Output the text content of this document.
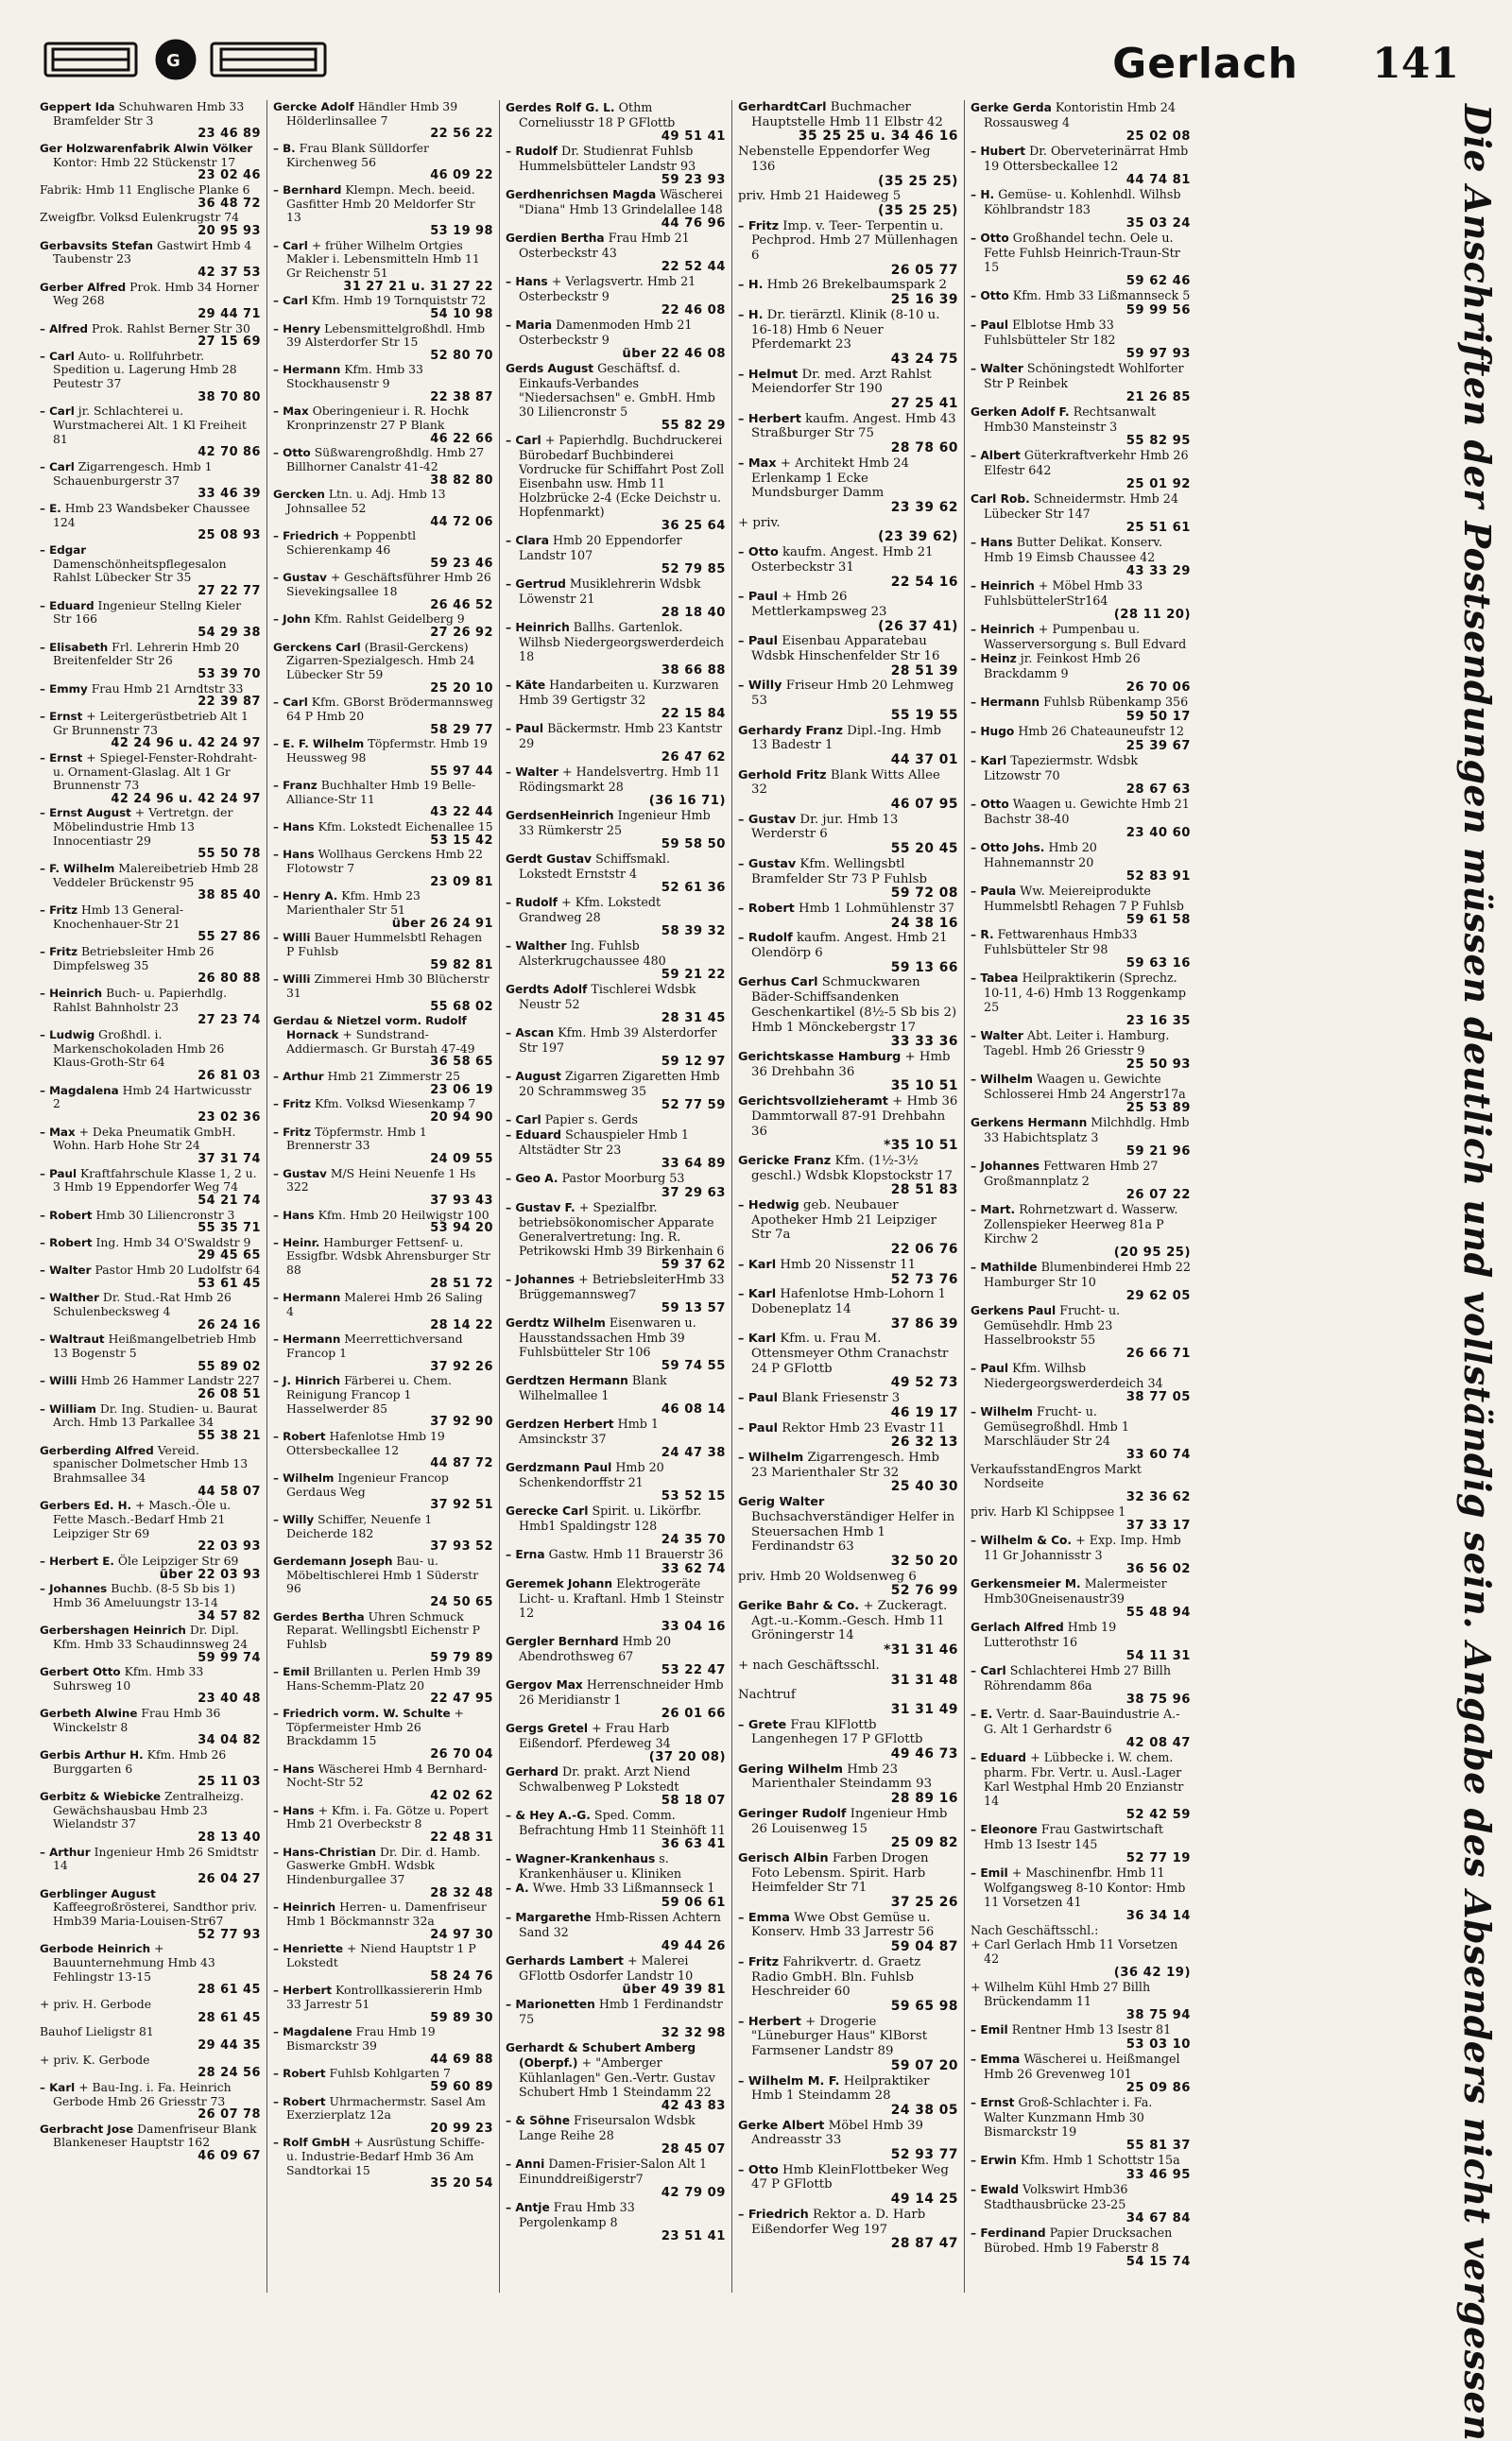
G	Gerlach 141
Geppert Ida Schuhwaren Hmb 33 Bramfelder Str 3
23 46 89
Ger Holzwarenfabrik Alwin Völker Kontor: Hmb 22 Stückenstr 17
23 02 46
Fabrik: Hmb 11 Englische Planke 6
36 48 72
Zweigfbr. Volksd Eulenkrugstr 74
20 95 93
Gerbavsits Stefan Gastwirt Hmb 4 Taubenstr 23
42 37 53
Gerber Alfred Prok. Hmb 34 Horner Weg 268
29 44 71
– Alfred Prok. Rahlst Berner Str 30
27 15 69
– Carl Auto- u. Rollfuhrbetr. Spedition u. Lagerung Hmb 28 Peutestr 37
38 70 80
– Carl jr. Schlachterei u. Wurstmacherei Alt. 1 Kl Freiheit 81
42 70 86
– Carl Zigarrengesch. Hmb 1 Schauenburgerstr 37
33 46 39
– E. Hmb 23 Wandsbeker Chaussee 124
25 08 93
– Edgar Damenschönheitspflegesalon Rahlst Lübecker Str 35
27 22 77
– Eduard Ingenieur Stellng Kieler Str 166
54 29 38
– Elisabeth Frl. Lehrerin Hmb 20 Breitenfelder Str 26
53 39 70
– Emmy Frau Hmb 21 Arndtstr 33
22 39 87
– Ernst + Leitergerüstbetrieb Alt 1 Gr Brunnenstr 73
42 24 96 u. 42 24 97
– Ernst + Spiegel-Fenster-Rohdraht- u. Ornament-Glaslag. Alt 1 Gr Brunnenstr 73
42 24 96 u. 42 24 97
– Ernst August + Vertretgn. der Möbelindustrie Hmb 13 Innocentiastr 29
55 50 78
– F. Wilhelm Malereibetrieb Hmb 28 Veddeler Brückenstr 95
38 85 40
– Fritz Hmb 13 General-Knochenhauer-Str 21
55 27 86
– Fritz Betriebsleiter Hmb 26 Dimpfelsweg 35
26 80 88
– Heinrich Buch- u. Papierhdlg. Rahlst Bahnholstr 23
27 23 74
– Ludwig Großhdl. i. Markenschokoladen Hmb 26 Klaus-Groth-Str 64
26 81 03
– Magdalena Hmb 24 Hartwicusstr 2
23 02 36
– Max + Deka Pneumatik GmbH. Wohn. Harb Hohe Str 24
37 31 74
– Paul Kraftfahrschule Klasse 1, 2 u. 3 Hmb 19 Eppendorfer Weg 74
54 21 74
– Robert Hmb 30 Liliencronstr 3
55 35 71
– Robert Ing. Hmb 34 O'Swaldstr 9
29 45 65
– Walter Pastor Hmb 20 Ludolfstr 64
53 61 45
– Walther Dr. Stud.-Rat Hmb 26 Schulenbecksweg 4
26 24 16
– Waltraut Heißmangelbetrieb Hmb 13 Bogenstr 5
55 89 02
– Willi Hmb 26 Hammer Landstr 227
26 08 51
– William Dr. Ing. Studien- u. Baurat Arch. Hmb 13 Parkallee 34
55 38 21
Gerberding Alfred Vereid. spanischer Dolmetscher Hmb 13 Brahmsallee 34
44 58 07
Gerbers Ed. H. + Masch.-Öle u. Fette Masch.-Bedarf Hmb 21 Leipziger Str 69
22 03 93
– Herbert E. Öle Leipziger Str 69
über 22 03 93
– Johannes Buchb. (8-5 Sb bis 1) Hmb 36 Ameluungstr 13-14
34 57 82
Gerbershagen Heinrich Dr. Dipl. Kfm. Hmb 33 Schaudinnsweg 24
59 99 74
Gerbert Otto Kfm. Hmb 33 Suhrsweg 10
23 40 48
Gerbeth Alwine Frau Hmb 36 Winckelstr 8
34 04 82
Gerbis Arthur H. Kfm. Hmb 26 Burggarten 6
25 11 03
Gerbitz & Wiebicke Zentralheizg. Gewächshausbau Hmb 23 Wielandstr 37
28 13 40
– Arthur Ingenieur Hmb 26 Smidtstr 14
26 04 27
Gerblinger August Kaffeegroßrösterei, Sandthor priv. Hmb39 Maria-Louisen-Str67
52 77 93
Gerbode Heinrich + Bauunternehmung Hmb 43 Fehlingstr 13-15
28 61 45
+ priv. H. Gerbode
28 61 45
Bauhof Lieligstr 81
29 44 35
+ priv. K. Gerbode
28 24 56
– Karl + Bau-Ing. i. Fa. Heinrich Gerbode Hmb 26 Griesstr 73
26 07 78
Gerbracht Jose Damenfriseur Blank Blankeneser Hauptstr 162
46 09 67
Gercke Adolf Händler Hmb 39 Hölderlinsallee 7
22 56 22
– B. Frau Blank Sülldorfer Kirchenweg 56
46 09 22
– Bernhard Klempn. Mech. beeid. Gasfitter Hmb 20 Meldorfer Str 13
53 19 98
– Carl + früher Wilhelm Ortgies Makler i. Lebensmitteln Hmb 11 Gr Reichenstr 51
31 27 21 u. 31 27 22
– Carl Kfm. Hmb 19 Tornquiststr 72
54 10 98
– Henry Lebensmittelgroßhdl. Hmb 39 Alsterdorfer Str 15
52 80 70
– Hermann Kfm. Hmb 33 Stockhausenstr 9
22 38 87
– Max Oberingenieur i. R. Hochk Kronprinzenstr 27 P Blank
46 22 66
– Otto Süßwarengroßhdlg. Hmb 27 Billhorner Canalstr 41-42
38 82 80
Gercken Ltn. u. Adj. Hmb 13 Johnsallee 52
44 72 06
– Friedrich + Poppenbtl Schierenkamp 46
59 23 46
– Gustav + Geschäftsführer Hmb 26 Sievekingsallee 18
26 46 52
– John Kfm. Rahlst Geidelberg 9
27 26 92
Gerckens Carl (Brasil-Gerckens) Zigarren-Spezialgesch. Hmb 24 Lübecker Str 59
25 20 10
– Carl Kfm. GBorst Brödermannsweg 64 P Hmb 20
58 29 77
– E. F. Wilhelm Töpfermstr. Hmb 19 Heussweg 98
55 97 44
– Franz Buchhalter Hmb 19 Belle-Alliance-Str 11
43 22 44
– Hans Kfm. Lokstedt Eichenallee 15
53 15 42
– Hans Wollhaus Gerckens Hmb 22 Flotowstr 7
23 09 81
– Henry A. Kfm. Hmb 23 Marienthaler Str 51
über 26 24 91
– Willi Bauer Hummelsbtl Rehagen P Fuhlsb
59 82 81
– Willi Zimmerei Hmb 30 Blücherstr 31
55 68 02
Gerdau & Nietzel vorm. Rudolf Hornack + Sundstrand-Addiermasch. Gr Burstah 47-49
36 58 65
– Arthur Hmb 21 Zimmerstr 25
23 06 19
– Fritz Kfm. Volksd Wiesenkamp 7
20 94 90
– Fritz Töpfermstr. Hmb 1 Brennerstr 33
24 09 55
– Gustav M/S Heini Neuenfe 1 Hs 322
37 93 43
– Hans Kfm. Hmb 20 Heilwigstr 100
53 94 20
– Heinr. Hamburger Fettsenf- u. Essigfbr. Wdsbk Ahrensburger Str 88
28 51 72
– Hermann Malerei Hmb 26 Saling 4
28 14 22
– Hermann Meerrettichversand Francop 1
37 92 26
– J. Hinrich Färberei u. Chem. Reinigung Francop 1 Hasselwerder 85
37 92 90
– Robert Hafenlotse Hmb 19 Ottersbeckallee 12
44 87 72
– Wilhelm Ingenieur Francop Gerdaus Weg
37 92 51
– Willy Schiffer, Neuenfe 1 Deicherde 182
37 93 52
Gerdemann Joseph Bau- u. Möbeltischlerei Hmb 1 Süderstr 96
24 50 65
Gerdes Bertha Uhren Schmuck Reparat. Wellingsbtl Eichenstr P Fuhlsb
59 79 89
– Emil Brillanten u. Perlen Hmb 39 Hans-Schemm-Platz 20
22 47 95
– Friedrich vorm. W. Schulte + Töpfermeister Hmb 26 Brackdamm 15
26 70 04
– Hans Wäscherei Hmb 4 Bernhard-Nocht-Str 52
42 02 62
– Hans + Kfm. i. Fa. Götze u. Popert Hmb 21 Overbeckstr 8
22 48 31
– Hans-Christian Dr. Dir. d. Hamb. Gaswerke GmbH. Wdsbk Hindenburgallee 37
28 32 48
– Heinrich Herren- u. Damenfriseur Hmb 1 Böckmannstr 32a
24 97 30
– Henriette + Niend Hauptstr 1 P Lokstedt
58 24 76
– Herbert Kontrollkassiererin Hmb 33 Jarrestr 51
59 89 30
– Magdalene Frau Hmb 19 Bismarckstr 39
44 69 88
– Robert Fuhlsb Kohlgarten 7
59 60 89
– Robert Uhrmachermstr. Sasel Am Exerzierplatz 12a
20 99 23
– Rolf GmbH + Ausrüstung Schiffe- u. Industrie-Bedarf Hmb 36 Am Sandtorkai 15
35 20 54
Gerdes Rolf G. L. Othm Corneliusstr 18 P GFlottb
49 51 41
– Rudolf Dr. Studienrat Fuhlsb Hummelsbütteler Landstr 93
59 23 93
Gerdhenrichsen Magda Wäscherei "Diana" Hmb 13 Grindelallee 148
44 76 96
Gerdien Bertha Frau Hmb 21 Osterbeckstr 43
22 52 44
– Hans + Verlagsvertr. Hmb 21 Osterbeckstr 9
22 46 08
– Maria Damenmoden Hmb 21 Osterbeckstr 9
über 22 46 08
Gerds August Geschäftsf. d. Einkaufs-Verbandes "Niedersachsen" e. GmbH. Hmb 30 Liliencronstr 5
55 82 29
– Carl + Papierhdlg. Buchdruckerei Bürobedarf Buchbinderei Vordrucke für Schiffahrt Post Zoll Eisenbahn usw. Hmb 11 Holzbrücke 2-4 (Ecke Deichstr u. Hopfenmarkt)
36 25 64
– Clara Hmb 20 Eppendorfer Landstr 107
52 79 85
– Gertrud Musiklehrerin Wdsbk Löwenstr 21
28 18 40
– Heinrich Ballhs. Gartenlok. Wilhsb Niedergeorgswerderdeich 18
38 66 88
– Käte Handarbeiten u. Kurzwaren Hmb 39 Gertigstr 32
22 15 84
– Paul Bäckermstr. Hmb 23 Kantstr 29
26 47 62
– Walter + Handelsvertrg. Hmb 11 Rödingsmarkt 28
(36 16 71)
GerdsenHeinrich Ingenieur Hmb 33 Rümkerstr 25
59 58 50
Gerdt Gustav Schiffsmakl. Lokstedt Ernststr 4
52 61 36
– Rudolf + Kfm. Lokstedt Grandweg 28
58 39 32
– Walther Ing. Fuhlsb Alsterkrugchaussee 480
59 21 22
Gerdts Adolf Tischlerei Wdsbk Neustr 52
28 31 45
– Ascan Kfm. Hmb 39 Alsterdorfer Str 197
59 12 97
– August Zigarren Zigaretten Hmb 20 Schrammsweg 35
52 77 59
– Carl Papier s. Gerds
– Eduard Schauspieler Hmb 1 Altstädter Str 23
33 64 89
– Geo A. Pastor Moorburg 53
37 29 63
– Gustav F. + Spezialfbr. betriebsökonomischer Apparate Generalvertretung: Ing. R. Petrikowski Hmb 39 Birkenhain 6
59 37 62
– Johannes + BetriebsleiterHmb 33 Brüggemannsweg7
59 13 57
Gerdtz Wilhelm Eisenwaren u. Hausstandssachen Hmb 39 Fuhlsbütteler Str 106
59 74 55
Gerdtzen Hermann Blank Wilhelmallee 1
46 08 14
Gerdzen Herbert Hmb 1 Amsinckstr 37
24 47 38
Gerdzmann Paul Hmb 20 Schenkendorffstr 21
53 52 15
Gerecke Carl Spirit. u. Likörfbr. Hmb1 Spaldingstr 128
24 35 70
– Erna Gastw. Hmb 11 Brauerstr 36
33 62 74
Geremek Johann Elektrogeräte Licht- u. Kraftanl. Hmb 1 Steinstr 12
33 04 16
Gergler Bernhard Hmb 20 Abendrothsweg 67
53 22 47
Gergov Max Herrenschneider Hmb 26 Meridianstr 1
26 01 66
Gergs Gretel + Frau Harb Eißendorf. Pferdeweg 34
(37 20 08)
Gerhard Dr. prakt. Arzt Niend Schwalbenweg P Lokstedt
58 18 07
– & Hey A.-G. Sped. Comm. Befrachtung Hmb 11 Steinhöft 11
36 63 41
– Wagner-Krankenhaus s. Krankenhäuser u. Kliniken
– A. Wwe. Hmb 33 Lißmannseck 1
59 06 61
– Margarethe Hmb-Rissen Achtern Sand 32
49 44 26
Gerhards Lambert + Malerei GFlottb Osdorfer Landstr 10
über 49 39 81
– Marionetten Hmb 1 Ferdinandstr 75
32 32 98
Gerhardt & Schubert Amberg (Oberpf.) + "Amberger Kühlanlagen" Gen.-Vertr. Gustav Schubert Hmb 1 Steindamm 22
42 43 83
– & Söhne Friseursalon Wdsbk Lange Reihe 28
28 45 07
– Anni Damen-Frisier-Salon Alt 1 Einunddreißigerstr7
42 79 09
– Antje Frau Hmb 33 Pergolenkamp 8
23 51 41
GerhardtCarl Buchmacher Hauptstelle Hmb 11 Elbstr 42
35 25 25 u. 34 46 16
Nebenstelle Eppendorfer Weg 136
(35 25 25)
priv. Hmb 21 Haideweg 5
(35 25 25)
– Fritz Imp. v. Teer- Terpentin u. Pechprod. Hmb 27 Müllenhagen 6
26 05 77
– H. Hmb 26 Brekelbaumspark 2
25 16 39
– H. Dr. tierärztl. Klinik (8-10 u. 16-18) Hmb 6 Neuer Pferdemarkt 23
43 24 75
– Helmut Dr. med. Arzt Rahlst Meiendorfer Str 190
27 25 41
– Herbert kaufm. Angest. Hmb 43 Straßburger Str 75
28 78 60
– Max + Architekt Hmb 24 Erlenkamp 1 Ecke Mundsburger Damm
23 39 62
+ priv.
(23 39 62)
– Otto kaufm. Angest. Hmb 21 Osterbeckstr 31
22 54 16
– Paul + Hmb 26 Mettlerkampsweg 23
(26 37 41)
– Paul Eisenbau Apparatebau Wdsbk Hinschenfelder Str 16
28 51 39
– Willy Friseur Hmb 20 Lehmweg 53
55 19 55
Gerhardy Franz Dipl.-Ing. Hmb 13 Badestr 1
44 37 01
Gerhold Fritz Blank Witts Allee 32
46 07 95
– Gustav Dr. jur. Hmb 13 Werderstr 6
55 20 45
– Gustav Kfm. Wellingsbtl Bramfelder Str 73 P Fuhlsb
59 72 08
– Robert Hmb 1 Lohmühlenstr 37
24 38 16
– Rudolf kaufm. Angest. Hmb 21 Olendörp 6
59 13 66
Gerhus Carl Schmuckwaren Bäder-Schiffsandenken Geschenkartikel (8½-5 Sb bis 2) Hmb 1 Mönckebergstr 17
33 33 36
Gerichtskasse Hamburg + Hmb 36 Drehbahn 36
35 10 51
Gerichtsvollzieheramt + Hmb 36 Dammtorwall 87-91 Drehbahn 36
*35 10 51
Gericke Franz Kfm. (1½-3½ geschl.) Wdsbk Klopstockstr 17
28 51 83
– Hedwig geb. Neubauer Apotheker Hmb 21 Leipziger Str 7a
22 06 76
– Karl Hmb 20 Nissenstr 11
52 73 76
– Karl Hafenlotse Hmb-Lohorn 1 Dobeneplatz 14
37 86 39
– Karl Kfm. u. Frau M. Ottensmeyer Othm Cranachstr 24 P GFlottb
49 52 73
– Paul Blank Friesenstr 3
46 19 17
– Paul Rektor Hmb 23 Evastr 11
26 32 13
– Wilhelm Zigarrengesch. Hmb 23 Marienthaler Str 32
25 40 30
Gerig Walter Buchsachverständiger Helfer in Steuersachen Hmb 1 Ferdinandstr 63
32 50 20
priv. Hmb 20 Woldsenweg 6
52 76 99
Gerike Bahr & Co. + Zuckeragt. Agt.-u.-Komm.-Gesch. Hmb 11 Gröningerstr 14
*31 31 46
+ nach Geschäftsschl.
31 31 48
Nachtruf
31 31 49
– Grete Frau KlFlottb Langenhegen 17 P GFlottb
49 46 73
Gering Wilhelm Hmb 23 Marienthaler Steindamm 93
28 89 16
Geringer Rudolf Ingenieur Hmb 26 Louisenweg 15
25 09 82
Gerisch Albin Farben Drogen Foto Lebensm. Spirit. Harb Heimfelder Str 71
37 25 26
– Emma Wwe Obst Gemüse u. Konserv. Hmb 33 Jarrestr 56
59 04 87
– Fritz Fahrikvertr. d. Graetz Radio GmbH. Bln. Fuhlsb Heschreider 60
59 65 98
– Herbert + Drogerie "Lüneburger Haus" KlBorst Farmsener Landstr 89
59 07 20
– Wilhelm M. F. Heilpraktiker Hmb 1 Steindamm 28
24 38 05
Gerke Albert Möbel Hmb 39 Andreasstr 33
52 93 77
– Otto Hmb KleinFlottbeker Weg 47 P GFlottb
49 14 25
– Friedrich Rektor a. D. Harb Eißendorfer Weg 197
28 87 47
Gerke Gerda Kontoristin Hmb 24 Rossausweg 4
25 02 08
– Hubert Dr. Oberveterinärrat Hmb 19 Ottersbeckallee 12
44 74 81
– H. Gemüse- u. Kohlenhdl. Wilhsb Köhlbrandstr 183
35 03 24
– Otto Großhandel techn. Oele u. Fette Fuhlsb Heinrich-Traun-Str 15
59 62 46
– Otto Kfm. Hmb 33 Lißmannseck 5
59 99 56
– Paul Elblotse Hmb 33 Fuhlsbütteler Str 182
59 97 93
– Walter Schöningstedt Wohlforter Str P Reinbek
21 26 85
Gerken Adolf F. Rechtsanwalt Hmb30 Mansteinstr 3
55 82 95
– Albert Güterkraftverkehr Hmb 26 Elfestr 642
25 01 92
Carl Rob. Schneidermstr. Hmb 24 Lübecker Str 147
25 51 61
– Hans Butter Delikat. Konserv. Hmb 19 Eimsb Chaussee 42
43 33 29
– Heinrich + Möbel Hmb 33 FuhlsbüttelerStr164
(28 11 20)
– Heinrich + Pumpenbau u. Wasserversorgung s. Bull Edvard
– Heinz jr. Feinkost Hmb 26 Brackdamm 9
26 70 06
– Hermann Fuhlsb Rübenkamp 356
59 50 17
– Hugo Hmb 26 Chateauneufstr 12
25 39 67
– Karl Tapeziermstr. Wdsbk Litzowstr 70
28 67 63
– Otto Waagen u. Gewichte Hmb 21 Bachstr 38-40
23 40 60
– Otto Johs. Hmb 20 Hahnemannstr 20
52 83 91
– Paula Ww. Meiereiprodukte Hummelsbtl Rehagen 7 P Fuhlsb
59 61 58
– R. Fettwarenhaus Hmb33 Fuhlsbütteler Str 98
59 63 16
– Tabea Heilpraktikerin (Sprechz. 10-11, 4-6) Hmb 13 Roggenkamp 25
23 16 35
– Walter Abt. Leiter i. Hamburg. Tagebl. Hmb 26 Griesstr 9
25 50 93
– Wilhelm Waagen u. Gewichte Schlosserei Hmb 24 Angerstr17a
25 53 89
Gerkens Hermann Milchhdlg. Hmb 33 Habichtsplatz 3
59 21 96
– Johannes Fettwaren Hmb 27 Großmannplatz 2
26 07 22
– Mart. Rohrnetzwart d. Wasserw. Zollenspieker Heerweg 81a P Kirchw 2
(20 95 25)
– Mathilde Blumenbinderei Hmb 22 Hamburger Str 10
29 62 05
Gerkens Paul Frucht- u. Gemüsehdlr. Hmb 23 Hasselbrookstr 55
26 66 71
– Paul Kfm. Wilhsb Niedergeorgswerderdeich 34
38 77 05
– Wilhelm Frucht- u. Gemüsegroßhdl. Hmb 1 Marschläuder Str 24
33 60 74
VerkaufsstandEngros Markt Nordseite
32 36 62
priv. Harb Kl Schippsee 1
37 33 17
– Wilhelm & Co. + Exp. Imp. Hmb 11 Gr Johannisstr 3
36 56 02
Gerkensmeier M. Malermeister Hmb30Gneisenaustr39
55 48 94
Gerlach Alfred Hmb 19 Lutterothstr 16
54 11 31
– Carl Schlachterei Hmb 27 Billh Röhrendamm 86a
38 75 96
– E. Vertr. d. Saar-Bauindustrie A.-G. Alt 1 Gerhardstr 6
42 08 47
– Eduard + Lübbecke i. W. chem. pharm. Fbr. Vertr. u. Ausl.-Lager Karl Westphal Hmb 20 Enzianstr 14
52 42 59
– Eleonore Frau Gastwirtschaft Hmb 13 Isestr 145
52 77 19
– Emil + Maschinenfbr. Hmb 11 Wolfgangsweg 8-10 Kontor: Hmb 11 Vorsetzen 41
36 34 14
Nach Geschäftsschl.:
+ Carl Gerlach Hmb 11 Vorsetzen 42
(36 42 19)
+ Wilhelm Kühl Hmb 27 Billh Brückendamm 11
38 75 94
– Emil Rentner Hmb 13 Isestr 81
53 03 10
– Emma Wäscherei u. Heißmangel Hmb 26 Grevenweg 101
25 09 86
– Ernst Groß-Schlachter i. Fa. Walter Kunzmann Hmb 30 Bismarckstr 19
55 81 37
– Erwin Kfm. Hmb 1 Schottstr 15a
33 46 95
– Ewald Volkswirt Hmb36 Stadthausbrücke 23-25
34 67 84
– Ferdinand Papier Drucksachen Bürobed. Hmb 19 Faberstr 8
54 15 74	Die Anschriften der Postsendungen müssen deutlich und vollständig sein. Angabe des Absenders nicht vergessen
